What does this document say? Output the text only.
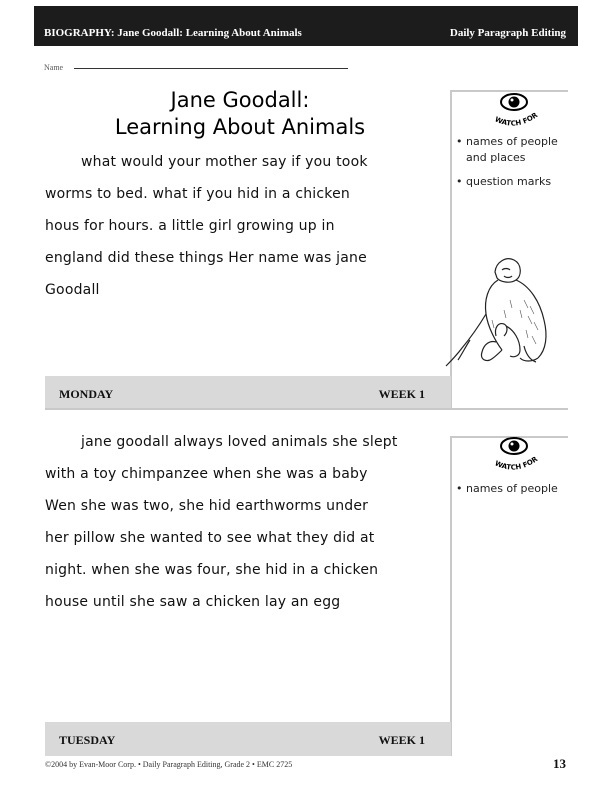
BIOGRAPHY: Jane Goodall: Learning About Animals	Daily Paragraph Editing
Name
Jane Goodall:
Learning About Animals
what would your mother say if you took
worms to bed. what if you hid in a chicken
hous for hours. a little girl growing up in
england did these things Her name was jane
Goodall
WATCH FOR
• names of people
and places
• question marks
MONDAY	WEEK 1
jane goodall always loved animals she slept
with a toy chimpanzee when she was a baby
Wen she was two, she hid earthworms under
her pillow she wanted to see what they did at
night. when she was four, she hid in a chicken
house until she saw a chicken lay an egg
WATCH FOR
• names of people
TUESDAY	WEEK 1
©2004 by Evan-Moor Corp. • Daily Paragraph Editing, Grade 2 • EMC 2725	13
